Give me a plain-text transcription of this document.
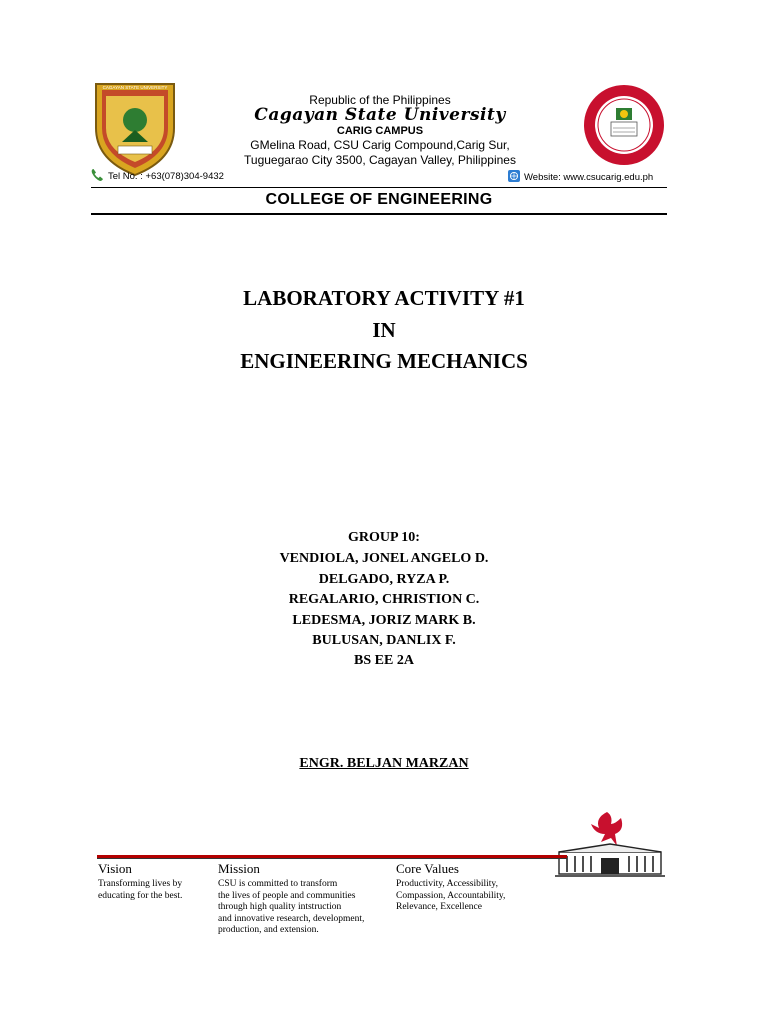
CAGAYAN STATE UNIVERSITY
Republic of the Philippines
Cagayan State University
CARIG CAMPUS
GMelina Road, CSU Carig Compound,Carig Sur,
Tuguegarao City 3500, Cagayan Valley, Philippines
Tel No. : +63(078)304-9432	Website: www.csucarig.edu.ph
COLLEGE OF ENGINEERING
LABORATORY ACTIVITY #1
IN
ENGINEERING MECHANICS
GROUP 10:
VENDIOLA, JONEL ANGELO D.
DELGADO, RYZA P.
REGALARIO, CHRISTION C.
LEDESMA, JORIZ MARK B.
BULUSAN, DANLIX F.
BS EE 2A
ENGR. BELJAN MARZAN
Vision	Mission	Core Values
Transforming lives by
educating for the best.
CSU is committed to transform
the lives of people and communities
through high quality intstruction
and innovative research, development,
production, and extension.
Productivity, Accessibility,
Compassion, Accountability,
Relevance, Excellence
